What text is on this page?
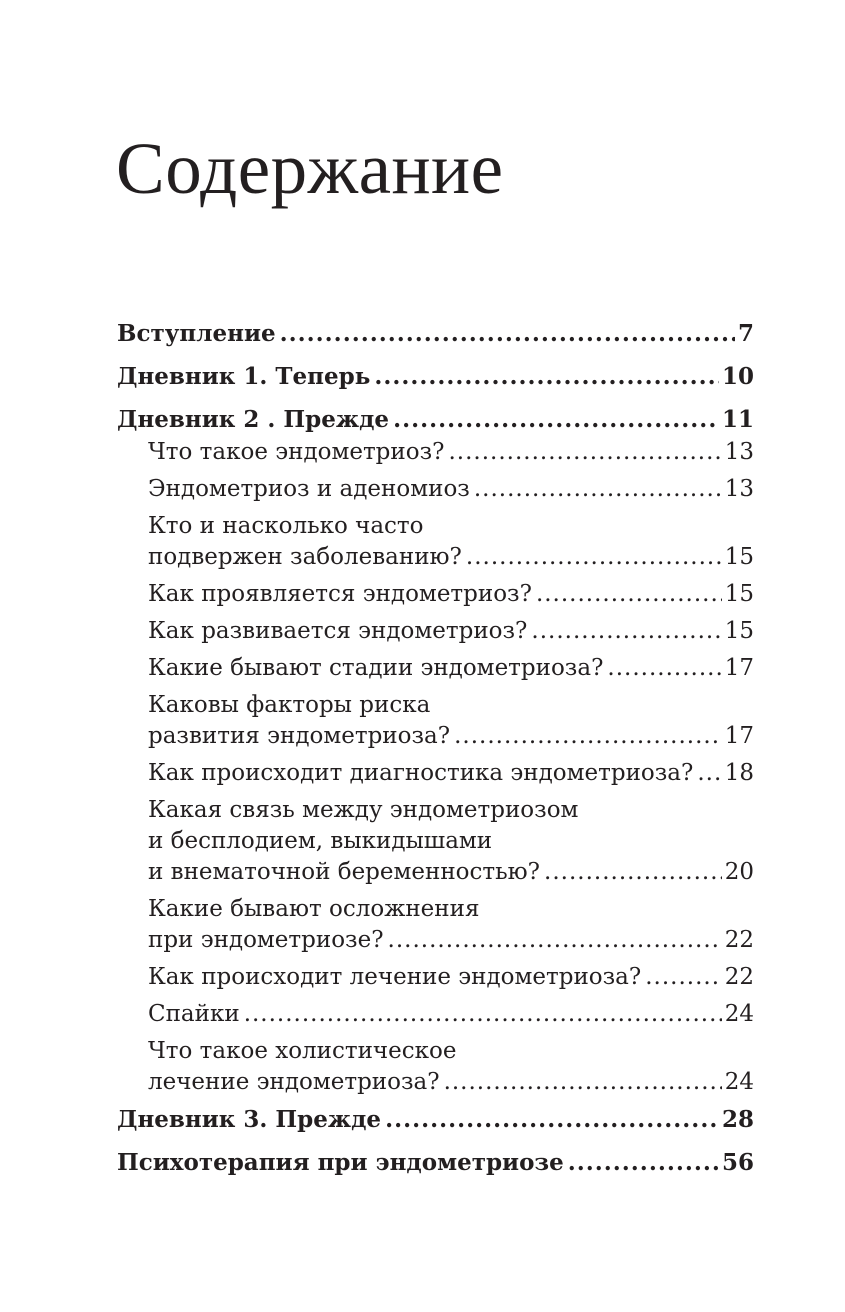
Содержание
Вступление .....	7
Дневник 1. Теперь .....	10
Дневник 2 . Прежде .....	11
Что такое эндометриоз? .....	13
Эндометриоз и аденомиоз .....	13
Кто и насколько часто
подвержен заболеванию? .....	15
Как проявляется эндометриоз? .....	15
Как развивается эндометриоз? .....	15
Какие бывают стадии эндометриоза? .....	17
Каковы факторы риска
развития эндометриоза? .....	17
Как происходит диагностика эндометриоза? ..... 18
Какая связь между эндометриозом
и бесплодием, выкидышами
и внематочной беременностью? .....	20
Какие бывают осложнения
при эндометриозе? .....	22
Как происходит лечение эндометриоза? .....	22
Спайки .....	24
Что такое холистическое
лечение эндометриоза? .....	24
Дневник 3. Прежде .....	28
Психотерапия при эндометриозе .....	56
